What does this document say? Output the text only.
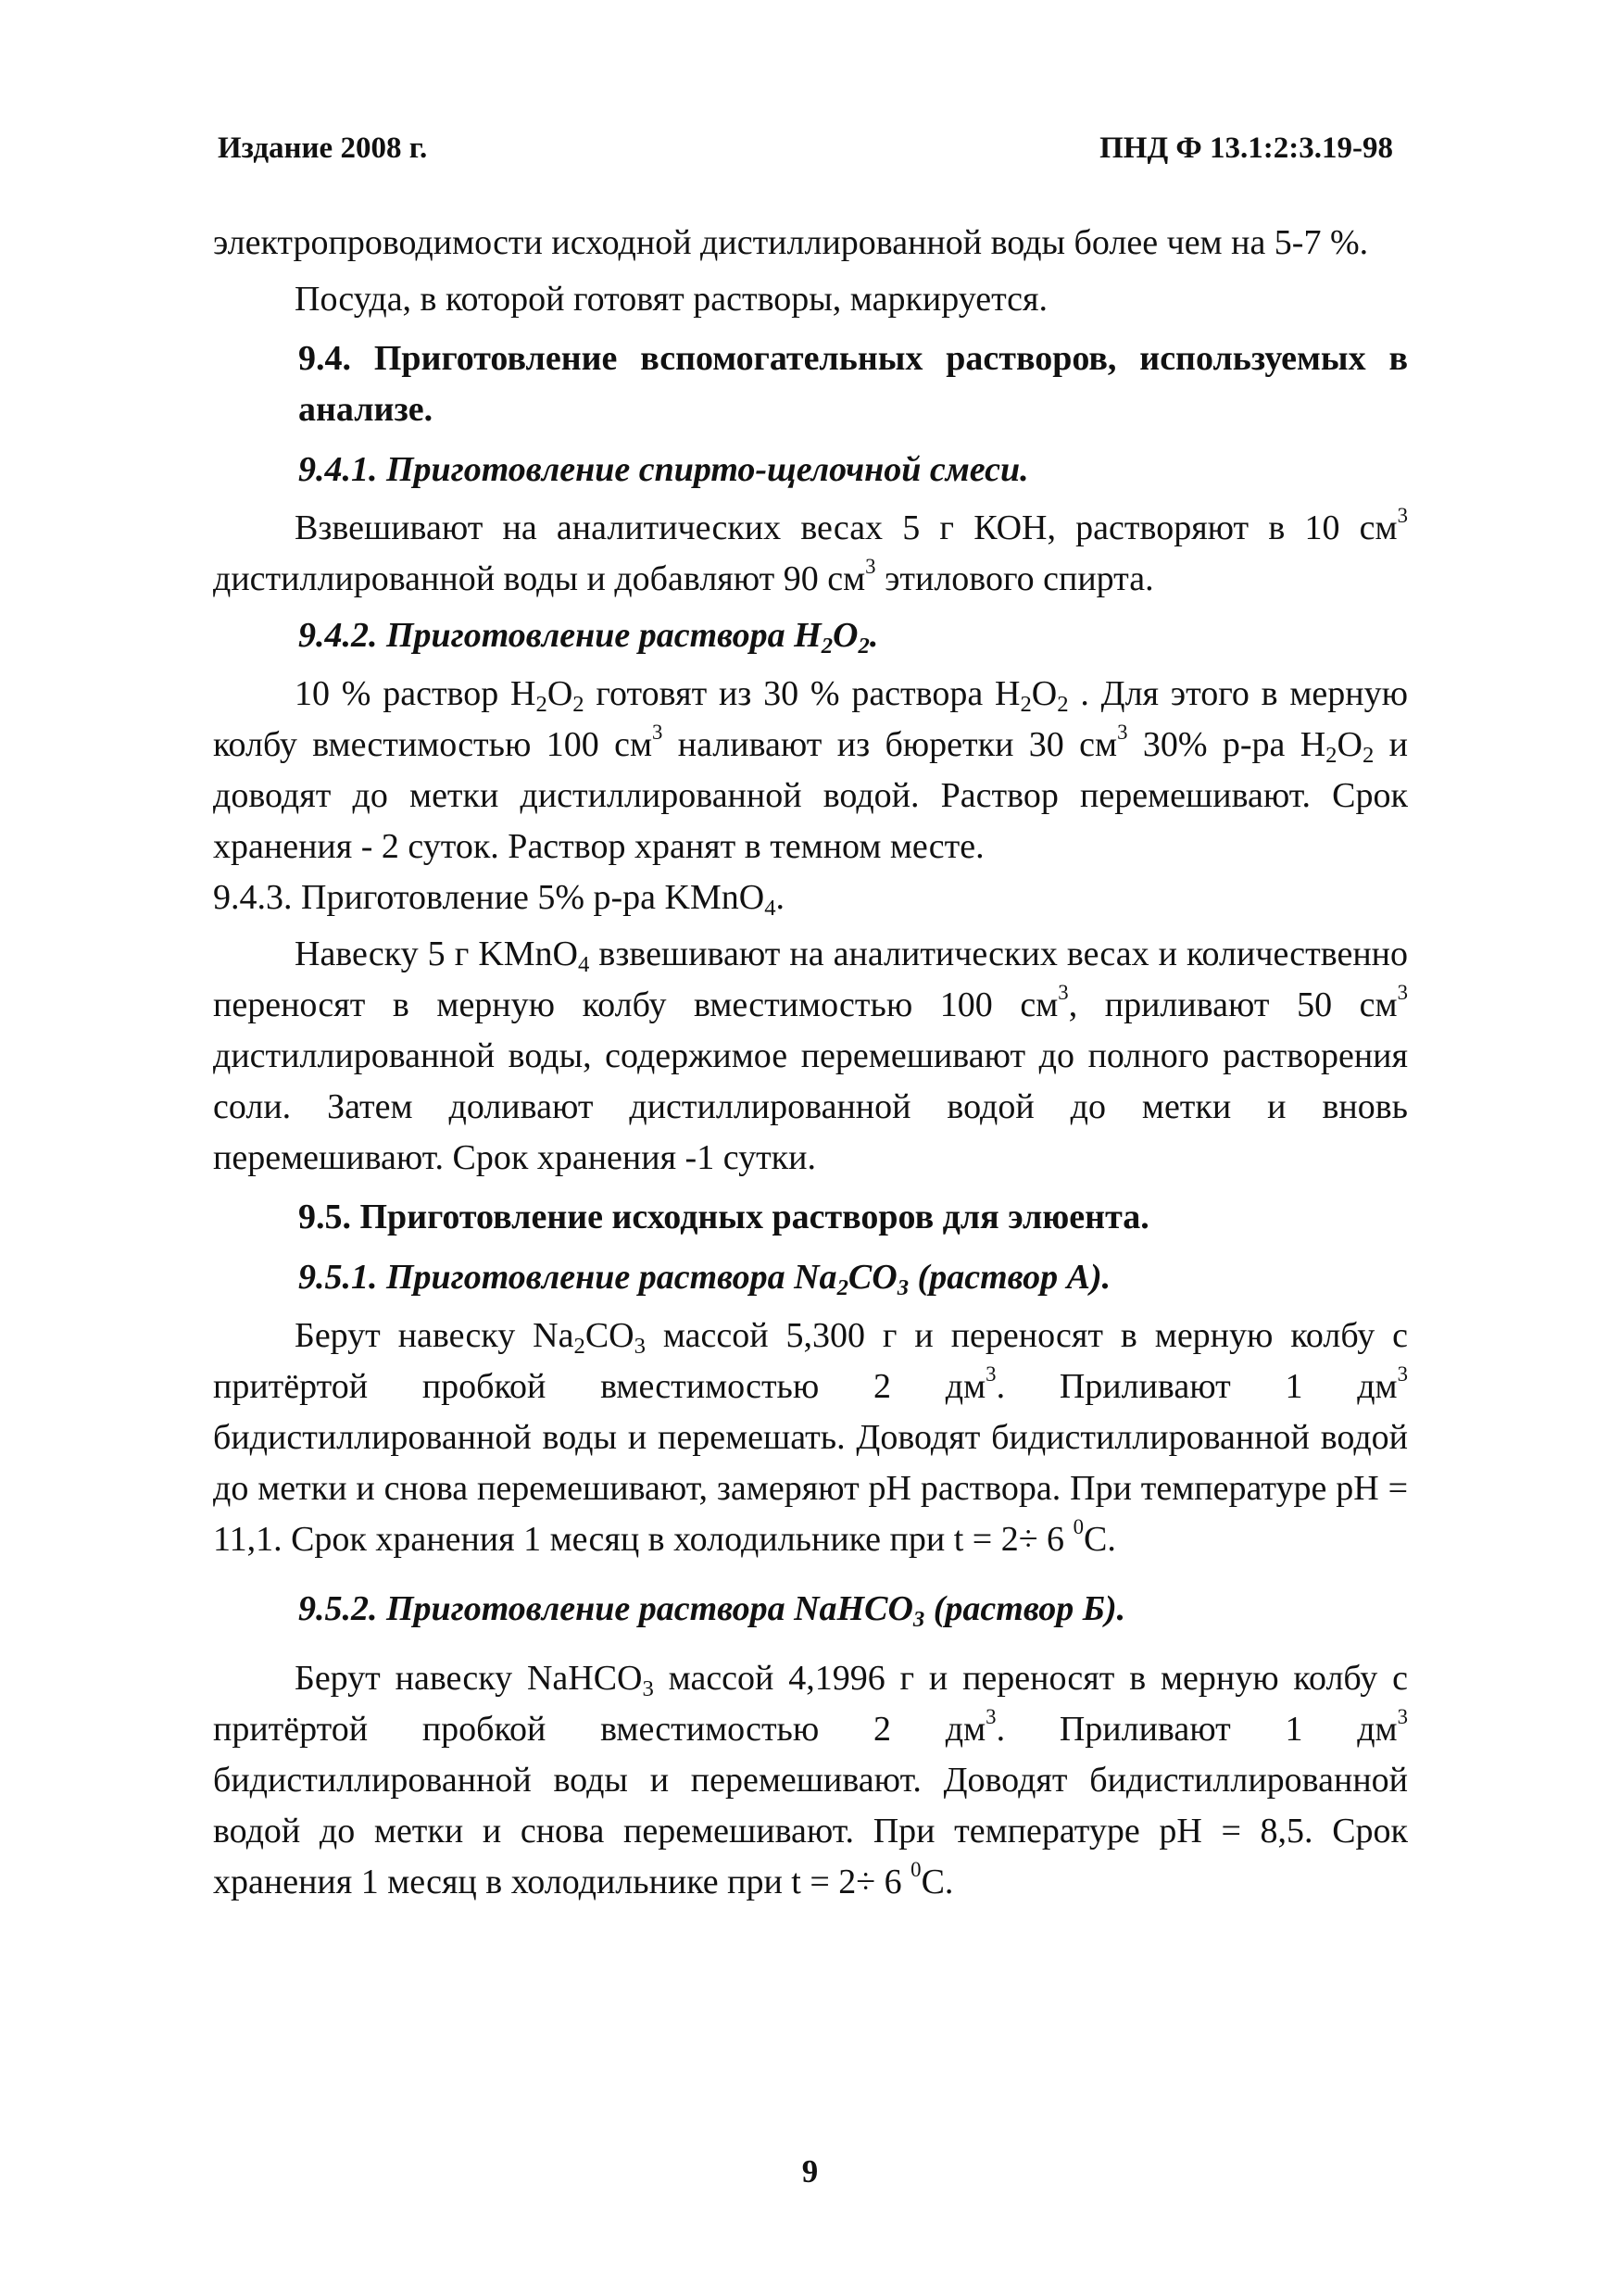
Издание 2008 г.	ПНД Ф 13.1:2:3.19-98

электропроводимости исходной дистиллированной воды более чем на 5-7 %.

Посуда, в которой готовят растворы, маркируется.

9.4. Приготовление вспомогательных растворов, используемых в анализе.

9.4.1. Приготовление спирто-щелочной смеси.

Взвешивают на аналитических весах 5 г КОН, растворяют в 10 $см^3$ дистиллированной воды и добавляют 90 $см^3$ этилового спирта.

9.4.2. Приготовление раствора $H_2O_2$.

10 % раствор $H_2O_2$ готовят из 30 % раствора $H_2O_2$ . Для этого в мерную колбу вместимостью 100 $см^3$ наливают из бюретки 30 $см^3$ 30% р-ра $H_2O_2$ и доводят до метки дистиллированной водой. Раствор перемешивают. Срок хранения - 2 суток. Раствор хранят в темном месте.

9.4.3. Приготовление 5% р-ра KMnO$_4$.

Навеску 5 г KMnO$_4$ взвешивают на аналитических весах и количественно переносят в мерную колбу вместимостью 100 $см^3$, приливают 50 $см^3$ дистиллированной воды, содержимое перемешивают до полного растворения соли. Затем доливают дистиллированной водой до метки и вновь перемешивают. Срок хранения -1 сутки.

9.5. Приготовление исходных растворов для элюента.

9.5.1. Приготовление раствора $Na_2CO_3$ (раствор А).

Берут навеску $Na_2CO_3$ массой 5,300 г и переносят в мерную колбу с притёртой пробкой вместимостью 2 $дм^3$. Приливают 1 $дм^3$ бидистиллированной воды и перемешать. Доводят бидистиллированной водой до метки и снова перемешивают, замеряют pH раствора. При температуре pH = 11,1. Срок хранения 1 месяц в холодильнике при t = 2÷ 6 $^0$С.

9.5.2. Приготовление раствора NaHCO$_3$ (раствор Б).

Берут навеску NaHCO$_3$ массой 4,1996 г и переносят в мерную колбу с притёртой пробкой вместимостью 2 $дм^3$. Приливают 1 $дм^3$ бидистиллированной воды и перемешивают. Доводят бидистиллированной водой до метки и снова перемешивают. При температуре pH = 8,5. Срок хранения 1 месяц в холодильнике при t = 2÷ 6 $^0$С.

9
